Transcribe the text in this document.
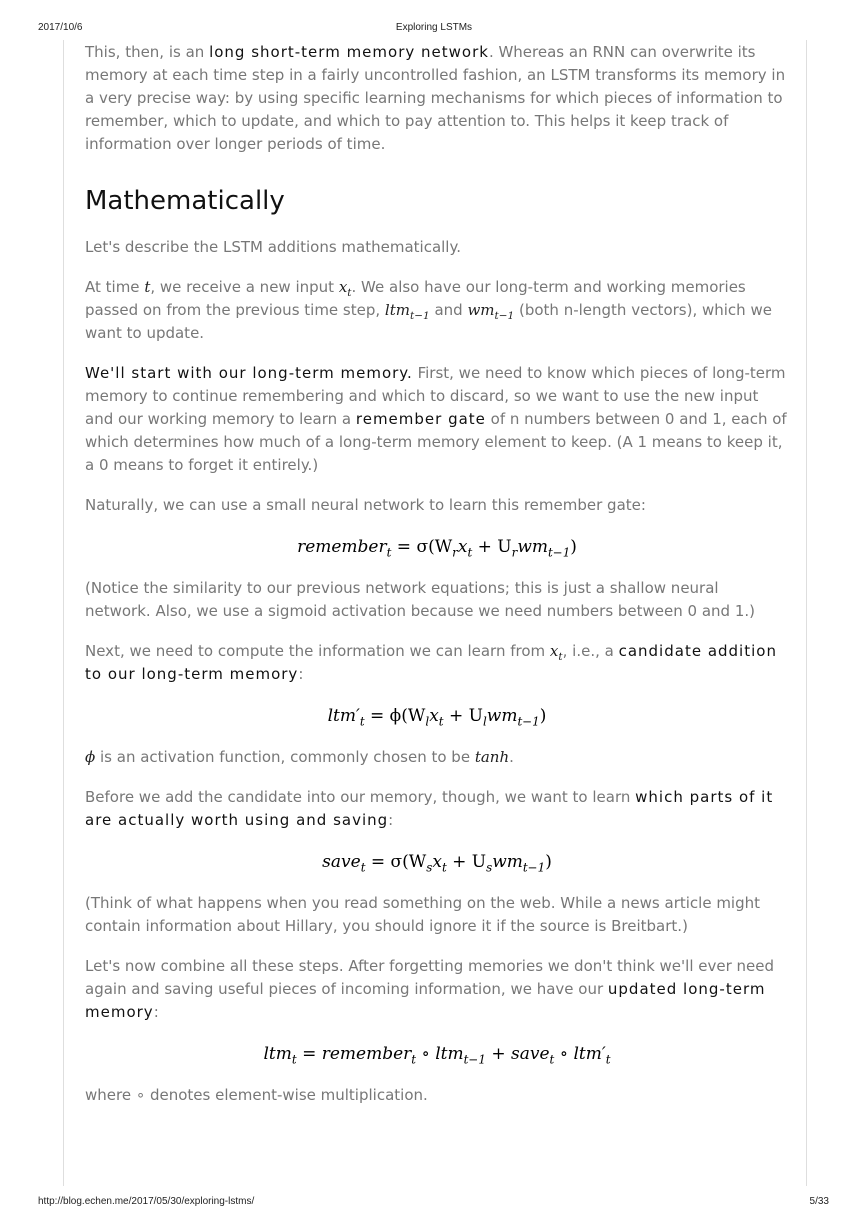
2017/10/6	Exploring LSTMs

This, then, is an long short-term memory network. Whereas an RNN can overwrite its memory at each time step in a fairly uncontrolled fashion, an LSTM transforms its memory in a very precise way: by using specific learning mechanisms for which pieces of information to remember, which to update, and which to pay attention to. This helps it keep track of information over longer periods of time.

Mathematically

Let's describe the LSTM additions mathematically.

At time t, we receive a new input $x_t$. We also have our long-term and working memories passed on from the previous time step, ltm$_{t-1}$ and $wm_{t-1}$ (both n-length vectors), which we want to update.

We'll start with our long-term memory. First, we need to know which pieces of long-term memory to continue remembering and which to discard, so we want to use the new input and our working memory to learn a remember gate of n numbers between 0 and 1, each of which determines how much of a long-term memory element to keep. (A 1 means to keep it, a 0 means to forget it entirely.)

Naturally, we can use a small neural network to learn this remember gate:

remember$_t$ = $\sigma(W_rx_t + U_rwm_{t-1})$

(Notice the similarity to our previous network equations; this is just a shallow neural network. Also, we use a sigmoid activation because we need numbers between 0 and 1.)

Next, we need to compute the information we can learn from $x_t$, i.e., a candidate addition to our long-term memory:

$ltm'_t = \phi(W_lx_t + U_lwm_{t-1})$

ϕ is an activation function, commonly chosen to be tanh.

Before we add the candidate into our memory, though, we want to learn which parts of it are actually worth using and saving:

save$_t$ = $\sigma(W_sx_t + U_swm_{t-1})$

(Think of what happens when you read something on the web. While a news article might contain information about Hillary, you should ignore it if the source is Breitbart.)

Let's now combine all these steps. After forgetting memories we don't think we'll ever need again and saving useful pieces of incoming information, we have our updated long-term memory:

ltm$_t$ = remember$_t$ ∘ ltm$_{t-1}$ + save$_t$ ∘ $ltm'_t$

where ∘ denotes element-wise multiplication.

http://blog.echen.me/2017/05/30/exploring-lstms/	5/33
